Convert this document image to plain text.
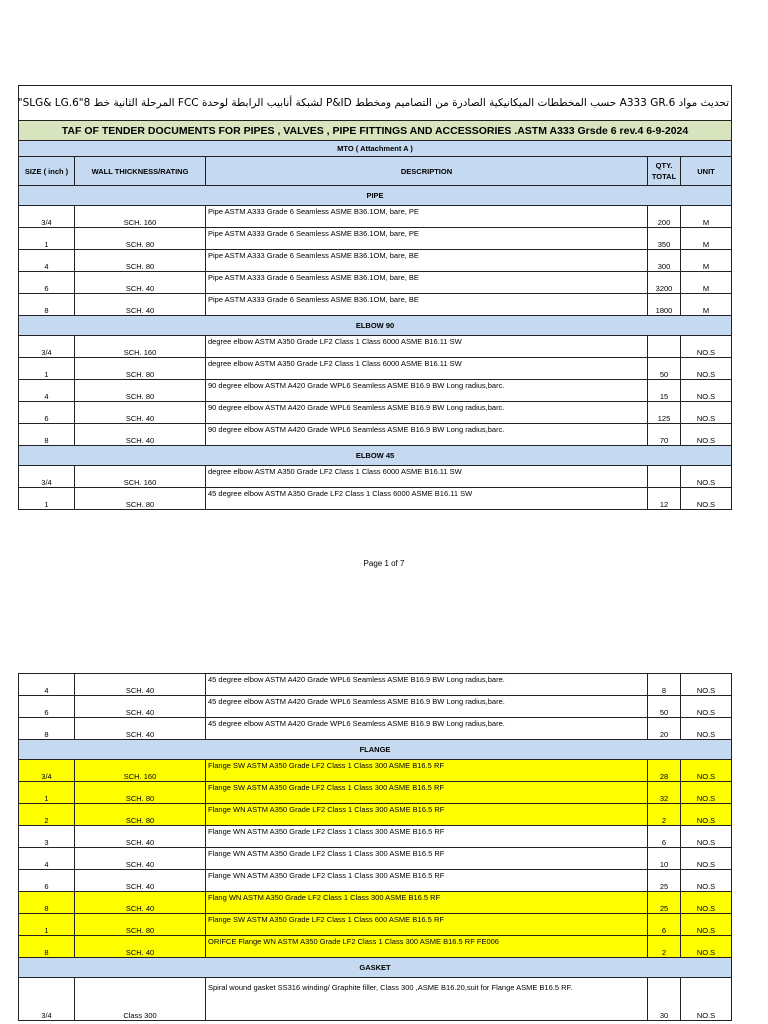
تحديث مواد A333 GR.6 حسب المخططات الميكانيكية الصادرة من التصاميم ومخطط P&ID لشبكة أنابيب الرابطة لوحدة FCC المرحلة الثانية خط 8"SLG& LG.6"				
TAF OF TENDER DOCUMENTS FOR PIPES , VALVES , PIPE FITTINGS AND ACCESSORIES .ASTM A333 Grsde 6 rev.4 6-9-2024				
MTO ( Attachment A )				
SIZE ( inch )	WALL THICKNESS/RATING	DESCRIPTION	QTY. TOTAL	UNIT
PIPE				
3/4	SCH. 160	Pipe ASTM A333 Grade 6 Seamless ASME B36.1OM, bare, PE	200	M
1	SCH. 80	Pipe ASTM A333 Grade 6 Seamless ASME B36.1OM, bare, PE	350	M
4	SCH. 80	Pipe ASTM A333 Grade 6 Seamless ASME B36.1OM, bare, BE	300	M
6	SCH. 40	Pipe ASTM A333 Grade 6 Seamless ASME B36.1OM, bare, BE	3200	M
8	SCH. 40	Pipe ASTM A333 Grade 6 Seamless ASME B36.1OM, bare, BE	1800	M
ELBOW 90				
3/4	SCH. 160	degree elbow ASTM A350 Grade LF2 Class 1 Class 6000 ASME B16.11 SW		NO.S
1	SCH. 80	degree elbow ASTM A350 Grade LF2 Class 1 Class 6000 ASME B16.11 SW	50	NO.S
4	SCH. 80	90 degree elbow ASTM A420 Grade WPL6 Seamless ASME B16.9 BW Long radius,barc.	15	NO.S
6	SCH. 40	90 degree elbow ASTM A420 Grade WPL6 Seamless ASME B16.9 BW Long radius,barc.	125	NO.S
8	SCH. 40	90 degree elbow ASTM A420 Grade WPL6 Seamless ASME B16.9 BW Long radius,barc.	70	NO.S
ELBOW 45				
3/4	SCH. 160	degree elbow ASTM A350 Grade LF2 Class 1 Class 6000 ASME B16.11 SW		NO.S
1	SCH. 80	45 degree elbow ASTM A350 Grade LF2 Class 1 Class 6000 ASME B16.11 SW	12	NO.S
Page 1 of 7
4	SCH. 40	45 degree elbow ASTM A420 Grade WPL6 Seamless ASME B16.9 BW Long radius,bare.	8	NO.S
6	SCH. 40	45 degree elbow ASTM A420 Grade WPL6 Seamless ASME B16.9 BW Long radius,bare.	50	NO.S
8	SCH. 40	45 degree elbow ASTM A420 Grade WPL6 Seamless ASME B16.9 BW Long radius,bare.	20	NO.S
FLANGE				
3/4	SCH. 160	Flange SW ASTM A350 Grade LF2 Class 1 Class 300 ASME B16.5 RF	28	NO.S
1	SCH. 80	Flange SW ASTM A350 Grade LF2 Class 1 Class 300 ASME B16.5 RF	32	NO.S
2	SCH. 80	Flange WN ASTM A350 Grade LF2 Class 1 Class 300 ASME B16.5 RF	2	NO.S
3	SCH. 40	Flange WN ASTM A350 Grade LF2 Class 1 Class 300 ASME B16.5 RF	6	NO.S
4	SCH. 40	Flange WN ASTM A350 Grade LF2 Class 1 Class 300 ASME B16.5 RF	10	NO.S
6	SCH. 40	Flange WN ASTM A350 Grade LF2 Class 1 Class 300 ASME B16.5 RF	25	NO.S
8	SCH. 40	Flang WN ASTM A350 Grade LF2 Class 1 Class 300 ASME B16.5 RF	25	NO.S
1	SCH. 80	Flange SW ASTM A350 Grade LF2 Class 1 Class 600 ASME B16.5 RF	6	NO.S
8	SCH. 40	ORIFCE Flange WN ASTM A350 Grade LF2 Class 1 Class 300 ASME B16.5 RF FE006	2	NO.S
GASKET				
3/4	Class 300	Spiral wound gasket SS316 winding/ Graphite filler, Class 300 ,ASME B16.20,suit for Flange ASME B16.5 RF.	30	NO.S
